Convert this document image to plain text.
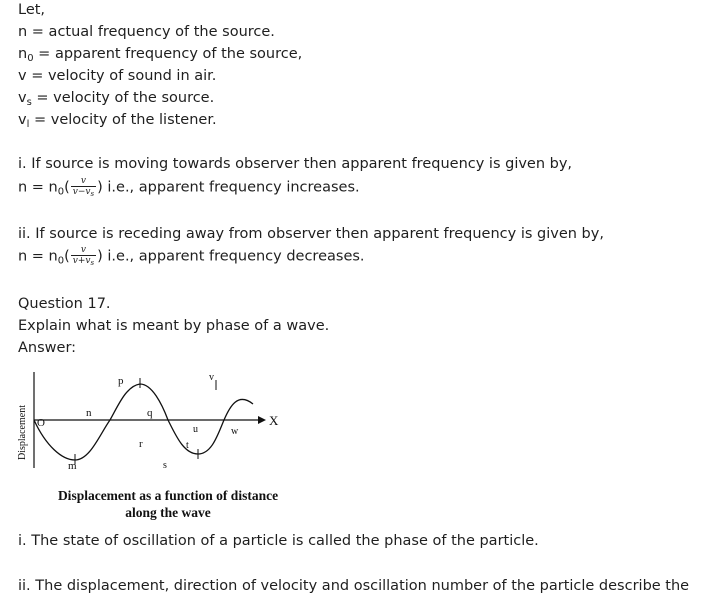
Let,
n = actual frequency of the source.
$n_0$ = apparent frequency of the source,
v = velocity of sound in air.
$v_s$ = velocity of the source.
$v_l$ = velocity of the listener.
i. If source is moving towards observer then apparent frequency is given by,
$n = n_0( \frac{v}{v-v_s}$ ) i.e., apparent frequency increases.
ii. If source is receding away from observer then apparent frequency is given by,
$n = n_0( \frac{v}{v+v_s}$ ) i.e., apparent frequency decreases.
Question 17.
Explain what is meant by phase of a wave.
Answer:
Displacement O
n
p
q
r
s
t
u
v
w
m
X
Displacement as a function of distance
along the wave
i. The state of oscillation of a particle is called the phase of the particle.
ii. The displacement, direction of velocity and oscillation number of the particle describe the
